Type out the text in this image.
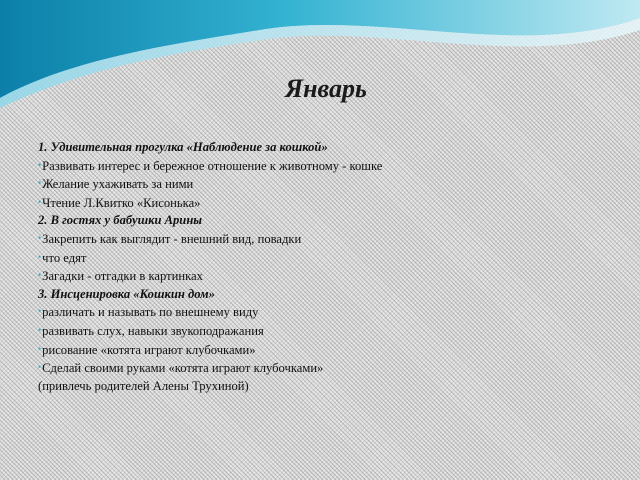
Январь
1. Удивительная прогулка «Наблюдение за кошкой»
•Развивать интерес и бережное отношение к животному - кошке
•Желание ухаживать за ними
•Чтение Л.Квитко «Кисонька»
2. В гостях у бабушки Арины
•Закрепить как выглядит - внешний вид, повадки
•что едят
•Загадки - отгадки в картинках
3. Инсценировка «Кошкин дом»
•различать и называть по внешнему виду
•развивать слух, навыки звукоподражания
•рисование «котята играют клубочками»
•Сделай своими руками «котята играют клубочками»
(привлечь родителей Алены Трухиной)
